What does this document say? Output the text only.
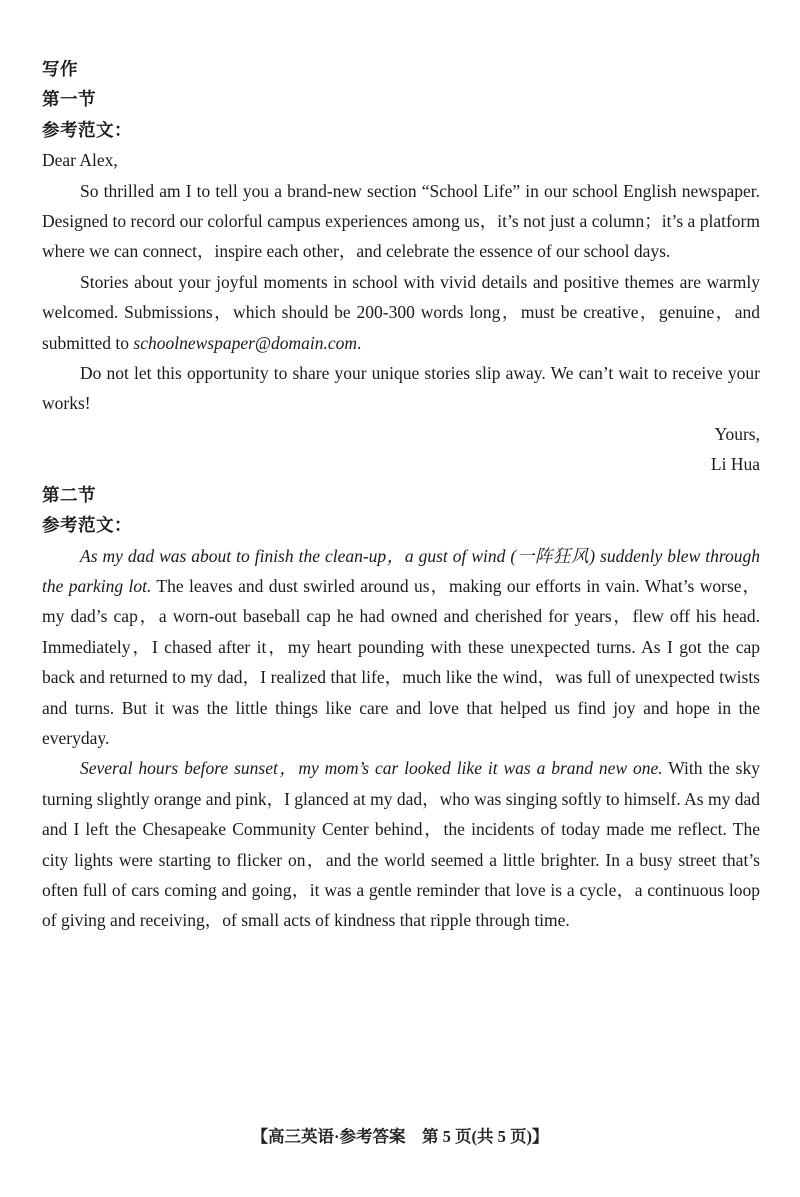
写作
第一节
参考范文：

Dear Alex,

So thrilled am I to tell you a brand-new section “School Life” in our school English newspaper. Designed to record our colorful campus experiences among us，it’s not just a column；it’s a platform where we can connect，inspire each other，and celebrate the essence of our school days.

Stories about your joyful moments in school with vivid details and positive themes are warmly welcomed. Submissions，which should be 200-300 words long，must be creative，genuine，and submitted to schoolnewspaper@domain.com.

Do not let this opportunity to share your unique stories slip away. We can’t wait to receive your works!

Yours,

Li Hua

第二节
参考范文：

As my dad was about to finish the clean-up，a gust of wind (一阵狂风) suddenly blew through the parking lot. The leaves and dust swirled around us，making our efforts in vain. What’s worse，my dad’s cap，a worn-out baseball cap he had owned and cherished for years，flew off his head. Immediately，I chased after it，my heart pounding with these unexpected turns. As I got the cap back and returned to my dad，I realized that life，much like the wind，was full of unexpected twists and turns. But it was the little things like care and love that helped us find joy and hope in the everyday.

Several hours before sunset，my mom’s car looked like it was a brand new one. With the sky turning slightly orange and pink，I glanced at my dad，who was singing softly to himself. As my dad and I left the Chesapeake Community Center behind，the incidents of today made me reflect. The city lights were starting to flicker on，and the world seemed a little brighter. In a busy street that’s often full of cars coming and going，it was a gentle reminder that love is a cycle，a continuous loop of giving and receiving，of small acts of kindness that ripple through time.

【高三英语·参考答案　第 5 页(共 5 页)】
